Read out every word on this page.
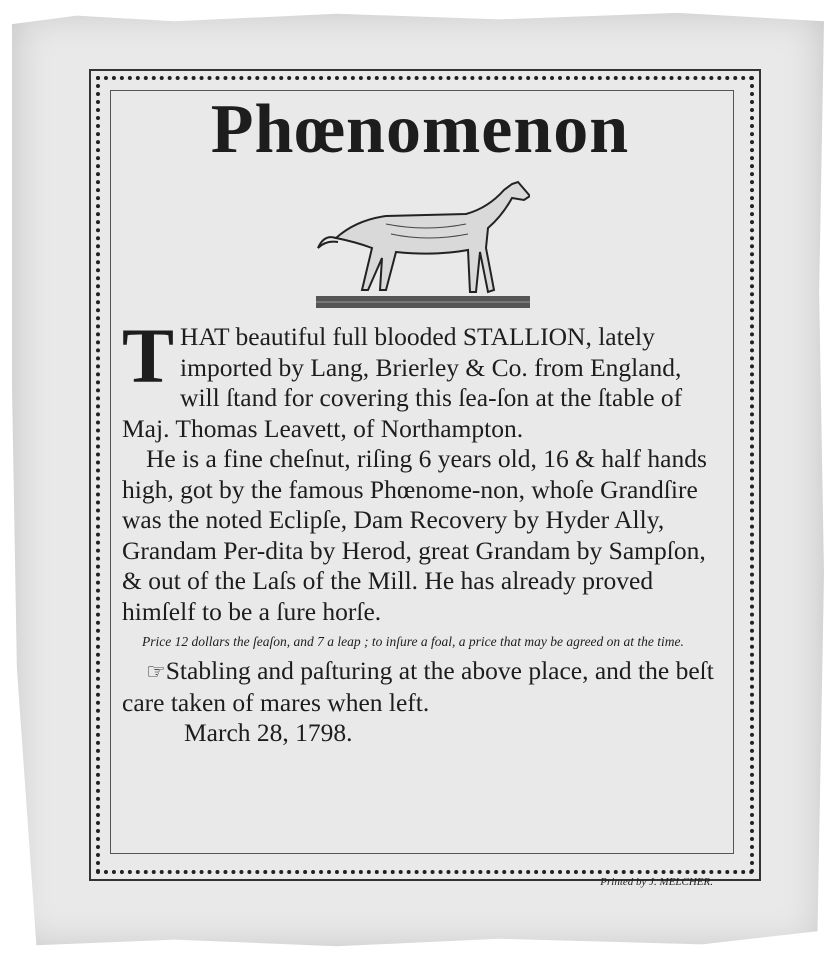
Phœnomenon

THAT beautiful full blooded STALLION, lately imported by Lang, Brierley & Co. from England, will ſtand for covering this ſea-ſon at the ſtable of Maj. Thomas Leavett, of Northampton.

He is a fine cheſnut, riſing 6 years old, 16 & half hands high, got by the famous Phœnome-non, whoſe Grandſire was the noted Eclipſe, Dam Recovery by Hyder Ally, Grandam Per-dita by Herod, great Grandam by Sampſon, & out of the Laſs of the Mill. He has already proved himſelf to be a ſure horſe.

Price 12 dollars the ſeaſon, and 7 a leap ; to inſure a foal, a price that may be agreed on at the time.

☞Stabling and paſturing at the above place, and the beſt care taken of mares when left.

March 28, 1798.

Printed by J. MELCHER.
